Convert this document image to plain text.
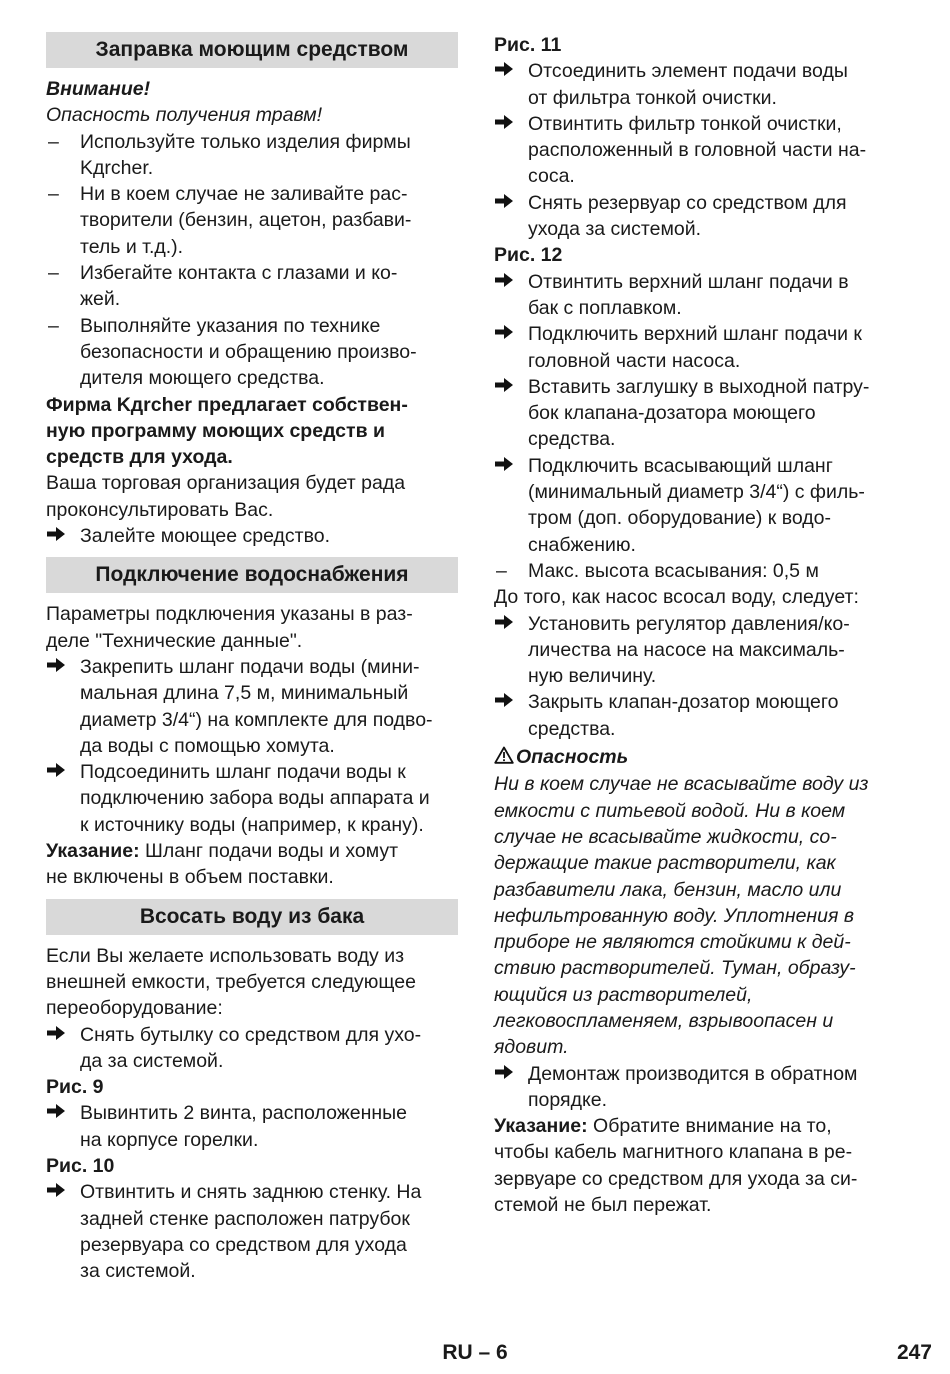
Заправка моющим средством

Внимание!

Опасность получения травм!

–	Используйте только изделия фирмы

Kдrcher.

–	Ни в коем случае не заливайте рас-

творители (бензин, ацетон, разбави-

тель и т.д.).

–	Избегайте контакта с глазами и ко-

жей.

–	Выполняйте указания по технике

безопасности и обращению произво-

дителя моющего средства.

Фирма Kдrcher предлагает собствен-

ную программу моющих средств и

средств для ухода.

Ваша торговая организация будет рада

проконсультировать Вас.

Залейте моющее средство.

Подключение водоснабжения

Параметры подключения указаны в раз-

деле "Технические данные".

Закрепить шланг подачи воды (мини-

мальная длина 7,5 м, минимальный

диаметр 3/4“) на комплекте для подво-

да воды с помощью хомута.

Подсоединить шланг подачи воды к

подключению забора воды аппарата и

к источнику воды (например, к крану).

Указание: Шланг подачи воды и хомут

не включены в объем поставки.

Всосать воду из бака

Если Вы желаете использовать воду из

внешней емкости, требуется следующее

переоборудование:

Снять бутылку со средством для ухо-

да за системой.

Рис. 9

Вывинтить 2 винта, расположенные

на корпусе горелки.

Рис. 10

Отвинтить и снять заднюю стенку. На

задней стенке расположен патрубок

резервуара со средством для ухода

за системой.

Рис. 11

Отсоединить элемент подачи воды

от фильтра тонкой очистки.

Отвинтить фильтр тонкой очистки,

расположенный в головной части на-

соса.

Снять резервуар со средством для

ухода за системой.

Рис. 12

Отвинтить верхний шланг подачи в

бак с поплавком.

Подключить верхний шланг подачи к

головной части насоса.

Вставить заглушку в выходной патру-

бок клапана-дозатора моющего

средства.

Подключить всасывающий шланг

(минимальный диаметр 3/4“) с филь-

тром (доп. оборудование) к водо-

снабжению.

–	Макс. высота всасывания: 0,5 м

До того, как насос всосал воду, следует:

Установить регулятор давления/ко-

личества на насосе на максималь-

ную величину.

Закрыть клапан-дозатор моющего

средства.

Опасность

Ни в коем случае не всасывайте воду из

емкости с питьевой водой. Ни в коем

случае не всасывайте жидкости, со-

держащие такие растворители, как

разбавители лака, бензин, масло или

нефильтрованную воду. Уплотнения в

приборе не являются стойкими к дей-

ствию растворителей. Туман, образу-

ющийся из растворителей,

легковоспламеняем, взрывоопасен и

ядовит.

Демонтаж производится в обратном

порядке.

Указание: Обратите внимание на то,

чтобы кабель магнитного клапана в ре-

зервуаре со средством для ухода за си-

стемой не был пережат.

RU – 6	247
